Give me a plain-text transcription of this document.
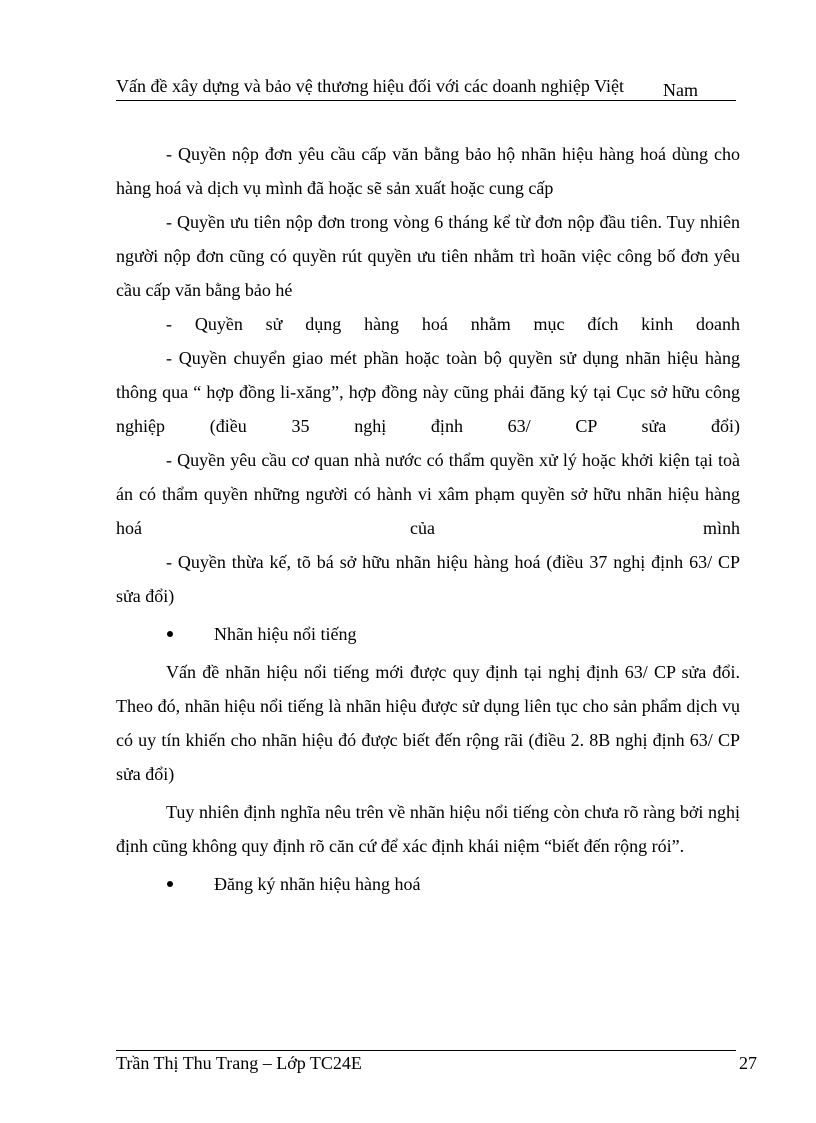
Vấn đề xây dựng và bảo vệ thương hiệu đối với các doanh nghiệp Việt Nam

- Quyền nộp đơn yêu cầu cấp văn bằng bảo hộ nhãn hiệu hàng hoá dùng cho hàng hoá và dịch vụ mình đã hoặc sẽ sản xuất hoặc cung cấp

- Quyền ưu tiên nộp đơn trong vòng 6 tháng kể từ đơn nộp đầu tiên. Tuy nhiên người nộp đơn cũng có quyền rút quyền ưu tiên nhằm trì hoãn việc công bố đơn yêu cầu cấp văn bằng bảo hé

- Quyền sử dụng hàng hoá nhằm mục đích kinh doanh

- Quyền chuyển giao mét phần hoặc toàn bộ quyền sử dụng nhãn hiệu hàng thông qua “ hợp đồng li-xăng”, hợp đồng này cũng phải đăng ký tại Cục sở hữu công nghiệp (điều 35 nghị định 63/ CP sửa đổi)

- Quyền yêu cầu cơ quan nhà nước có thẩm quyền xử lý hoặc khởi kiện tại toà án có thẩm quyền những người có hành vi xâm phạm quyền sở hữu nhãn hiệu hàng hoá của mình

- Quyền thừa kế, tõ bá sở hữu nhãn hiệu hàng hoá (điều 37 nghị định 63/ CP sửa đổi)

Nhãn hiệu nổi tiếng

Vấn đề nhãn hiệu nổi tiếng mới được quy định tại nghị định 63/ CP sửa đổi. Theo đó, nhãn hiệu nổi tiếng là nhãn hiệu được sử dụng liên tục cho sản phẩm dịch vụ có uy tín khiến cho nhãn hiệu đó được biết đến rộng rãi (điều 2. 8B nghị định 63/ CP sửa đổi)

Tuy nhiên định nghĩa nêu trên về nhãn hiệu nổi tiếng còn chưa rõ ràng bởi nghị định cũng không quy định rõ căn cứ để xác định khái niệm “biết đến rộng rói”.

Đăng ký nhãn hiệu hàng hoá
Trần Thị Thu Trang – Lớp TC24E	27
